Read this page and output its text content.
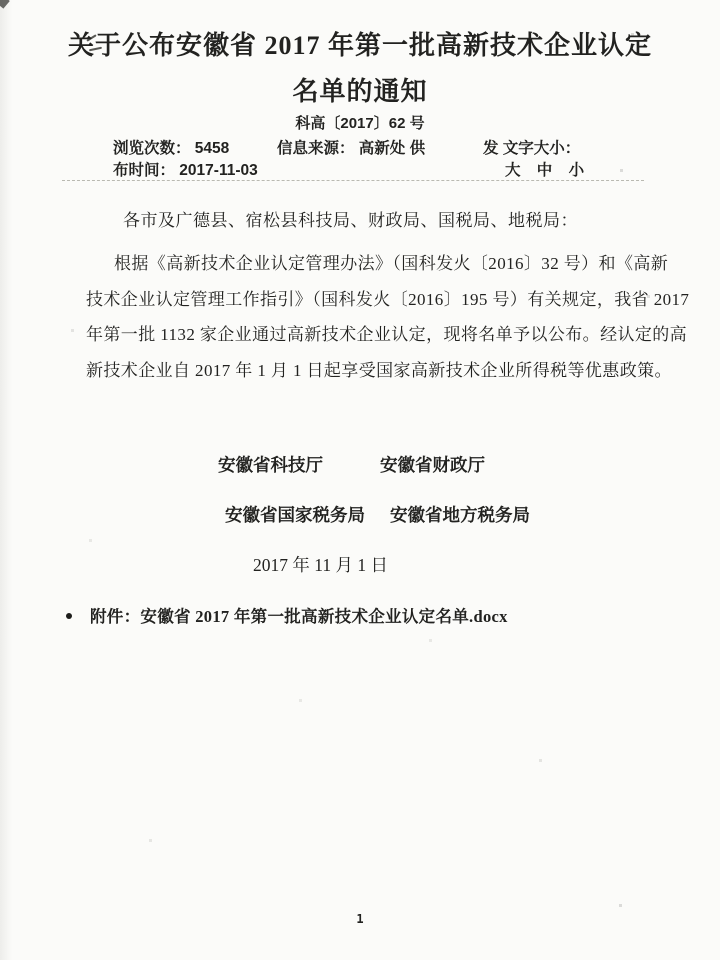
关于公布安徽省 2017 年第一批高新技术企业认定
名单的通知
科高〔2017〕62 号
浏览次数： 5458
布时间： 2017-11-03
信息来源： 高新处 供	发 文字大小：
大 中 小
各市及广德县、宿松县科技局、财政局、国税局、地税局：
根据《高新技术企业认定管理办法》（国科发火〔2016〕32 号）和《高新
技术企业认定管理工作指引》（国科发火〔2016〕195 号）有关规定，我省 2017
年第一批 1132 家企业通过高新技术企业认定，现将名单予以公布。经认定的高
新技术企业自 2017 年 1 月 1 日起享受国家高新技术企业所得税等优惠政策。
安徽省科技厅	安徽省财政厅
安徽省国家税务局 安徽省地方税务局
2017 年 11 月 1 日
附件：安徽省 2017 年第一批高新技术企业认定名单.docx
1
